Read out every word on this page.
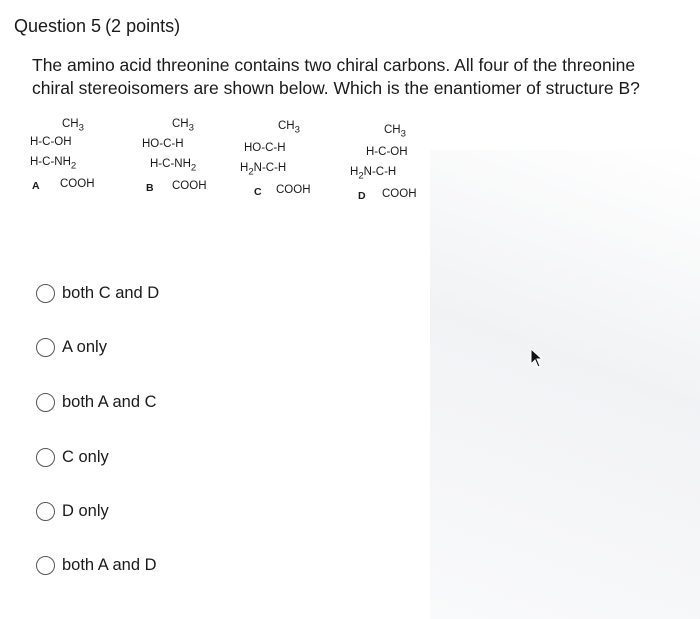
Question 5 (2 points)

The amino acid threonine contains two chiral carbons. All four of the threonine
chiral stereoisomers are shown below. Which is the enantiomer of structure B?

$CH_3$
H‑C‑OH
$H‑C‑NH_2$
A COOH
$CH_3$
HO‑C‑H
$H‑C‑NH_2$
B COOH
$CH_3$
HO‑C‑H
$H_2N‑C‑H$
C COOH
$CH_3$
H‑C‑OH
$H_2N‑C‑H$
D COOH
both C and D
A only
both A and C
C only
D only
both A and D
